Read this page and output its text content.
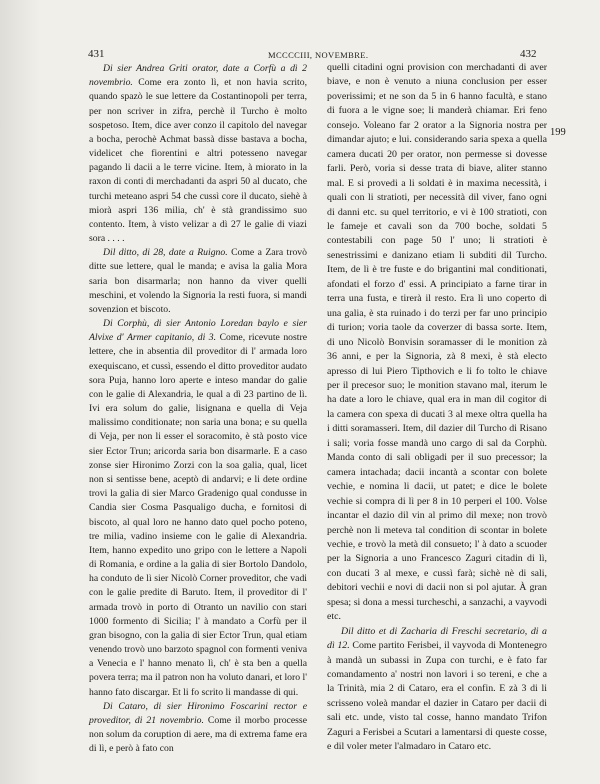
431	MCCCCIII, NOVEMBRE.	432
199

Di sier Andrea Griti orator, date a Corfù a dì 2 novembrio. Come era zonto lì, et non havia scrito, quando spazò le sue lettere da Costantinopoli per terra, per non scriver in zifra, perchè il Turcho è molto sospetoso. Item, dice aver conzo il capitolo del navegar a bocha, perochè Achmat bassà disse bastava a bocha, videlicet che fiorentini e altri potesseno navegar pagando li dacii a le terre vicine. Item, à miorato in la raxon di conti di merchadanti da aspri 50 al ducato, che turchi meteano aspri 54 che cussì core il ducato, siehè à miorà aspri 136 milia, ch' è stà grandissimo suo contento. Item, à visto velizar a dì 27 le galie di viazi sora . . . .

Dil ditto, di 28, date a Ruigno. Come a Zara trovò ditte sue lettere, qual le manda; e avisa la galia Mora saria bon disarmarla; non hanno da viver quelli meschini, et volendo la Signoria la resti fuora, si mandi sovenzion et biscoto.

Di Corphù, di sier Antonio Loredan baylo e sier Alvixe d' Armer capitanio, di 3. Come, ricevute nostre lettere, che in absentia dil proveditor di l' armada loro exequiscano, et cussì, essendo el ditto proveditor audato sora Puja, hanno loro aperte e inteso mandar do galie con le galie di Alexandria, le qual a dì 23 partino de lì. Ivi era solum do galie, lisignana e quella di Veja malissimo conditionate; non saria una bona; e su quella di Veja, per non li esser el soracomito, è stà posto vice sier Ector Trun; aricorda saria bon disarmarle. E a caso zonse sier Hironimo Zorzi con la soa galia, qual, licet non si sentisse bene, aceptò di andarvi; e li dete ordine trovi la galia di sier Marco Gradenigo qual condusse in Candia sier Cosma Pasqualigo ducha, e fornitosi di biscoto, al qual loro ne hanno dato quel pocho poteno, tre milia, vadino insieme con le galie di Alexandria. Item, hanno expedito uno gripo con le lettere a Napoli di Romania, e ordine a la galia di sier Bortolo Dandolo, ha conduto de lì sier Nicolò Corner proveditor, che vadi con le galie predite di Baruto. Item, il proveditor di l' armada trovò in porto di Otranto un navilio con stari 1000 formento di Sicilia; l' à mandato a Corfù per il gran bisogno, con la galia di sier Ector Trun, qual etiam venendo trovò uno barzoto spagnol con formenti veniva a Venecia e l' hanno menato lì, ch' è sta ben a quella povera terra; ma il patron non ha voluto danari, et loro l' hanno fato discargar. Et li fo scrito li mandasse di qui.

Di Cataro, di sier Hironimo Foscarini rector e proveditor, di 21 novembrio. Come il morbo processe non solum da coruption di aere, ma di extrema fame era di lì, e però à fato con

quelli citadini ogni provision con merchadanti di aver biave, e non è venuto a niuna conclusion per esser poverissimi; et ne son da 5 in 6 hanno facultà, e stano di fuora a le vigne soe; li manderà chiamar. Eri feno consejo. Voleano far 2 orator a la Signoria nostra per dimandar ajuto; e lui. considerando saria spexa a quella camera ducati 20 per orator, non permesse si dovesse farli. Però, voria si desse trata di biave, aliter stanno mal. E si provedi a li soldati è in maxima necessità, i quali con li stratioti, per necessità dil viver, fano ogni di danni etc. su quel territorio, e vi è 100 stratioti, con le fameje et cavali son da 700 boche, soldati 5 contestabili con page 50 l' uno; li stratioti è senestrissimi e danizano etiam li subditi dil Turcho. Item, de lì è tre fuste e do brigantini mal conditionati, afondati el forzo d' essi. A principiato a farne tirar in terra una fusta, e tirerà il resto. Era lì uno coperto di una galia, è sta ruinado i do terzi per far uno principio di turion; voria taole da coverzer di bassa sorte. Item, di uno Nicolò Bonvisin soramasser di le monition zà 36 anni, e per la Signoria, zà 8 mexi, è stà electo apresso di lui Piero Tipthovich e li fo tolto le chiave per il precesor suo; le monition stavano mal, iterum le ha date a loro le chiave, qual era in man dil cogitor di la camera con spexa di ducati 3 al mexe oltra quella ha i ditti soramasseri. Item, dil dazier dil Turcho di Risano i sali; voria fosse mandà uno cargo di sal da Corphù. Manda conto di sali obligadi per il suo precessor; la camera intachada; dacii incantà a scontar con bolete vechie, e nomina li dacii, ut patet; e dice le bolete vechie si compra di lì per 8 in 10 perperi el 100. Volse incantar el dazio dil vin al primo dil mexe; non trovò perchè non li meteva tal condition di scontar in bolete vechie, e trovò la metà dil consueto; l' à dato a scuoder per la Signoria a uno Francesco Zaguri citadin di lì, con ducati 3 al mexe, e cussì farà; sichè nè di sali, debitori vechii e novi di dacii non si pol ajutar. À gran spesa; si dona a messi turcheschi, a sanzachi, a vayvodi etc.

Dil ditto et di Zacharia di Freschi secretario, di a dì 12. Come partito Ferisbei, il vayvoda di Montenegro à mandà un subassi in Zupa con turchi, e è fato far comandamento a' nostri non lavori i so tereni, e che a la Trinità, mia 2 di Cataro, era el confin. E zà 3 di li scrisseno voleà mandar el dazier in Cataro per dacii di sali etc. unde, visto tal cosse, hanno mandato Trifon Zaguri a Ferisbei a Scutari a lamentarsi di queste cosse, e dil voler meter l'almadaro in Cataro etc.
